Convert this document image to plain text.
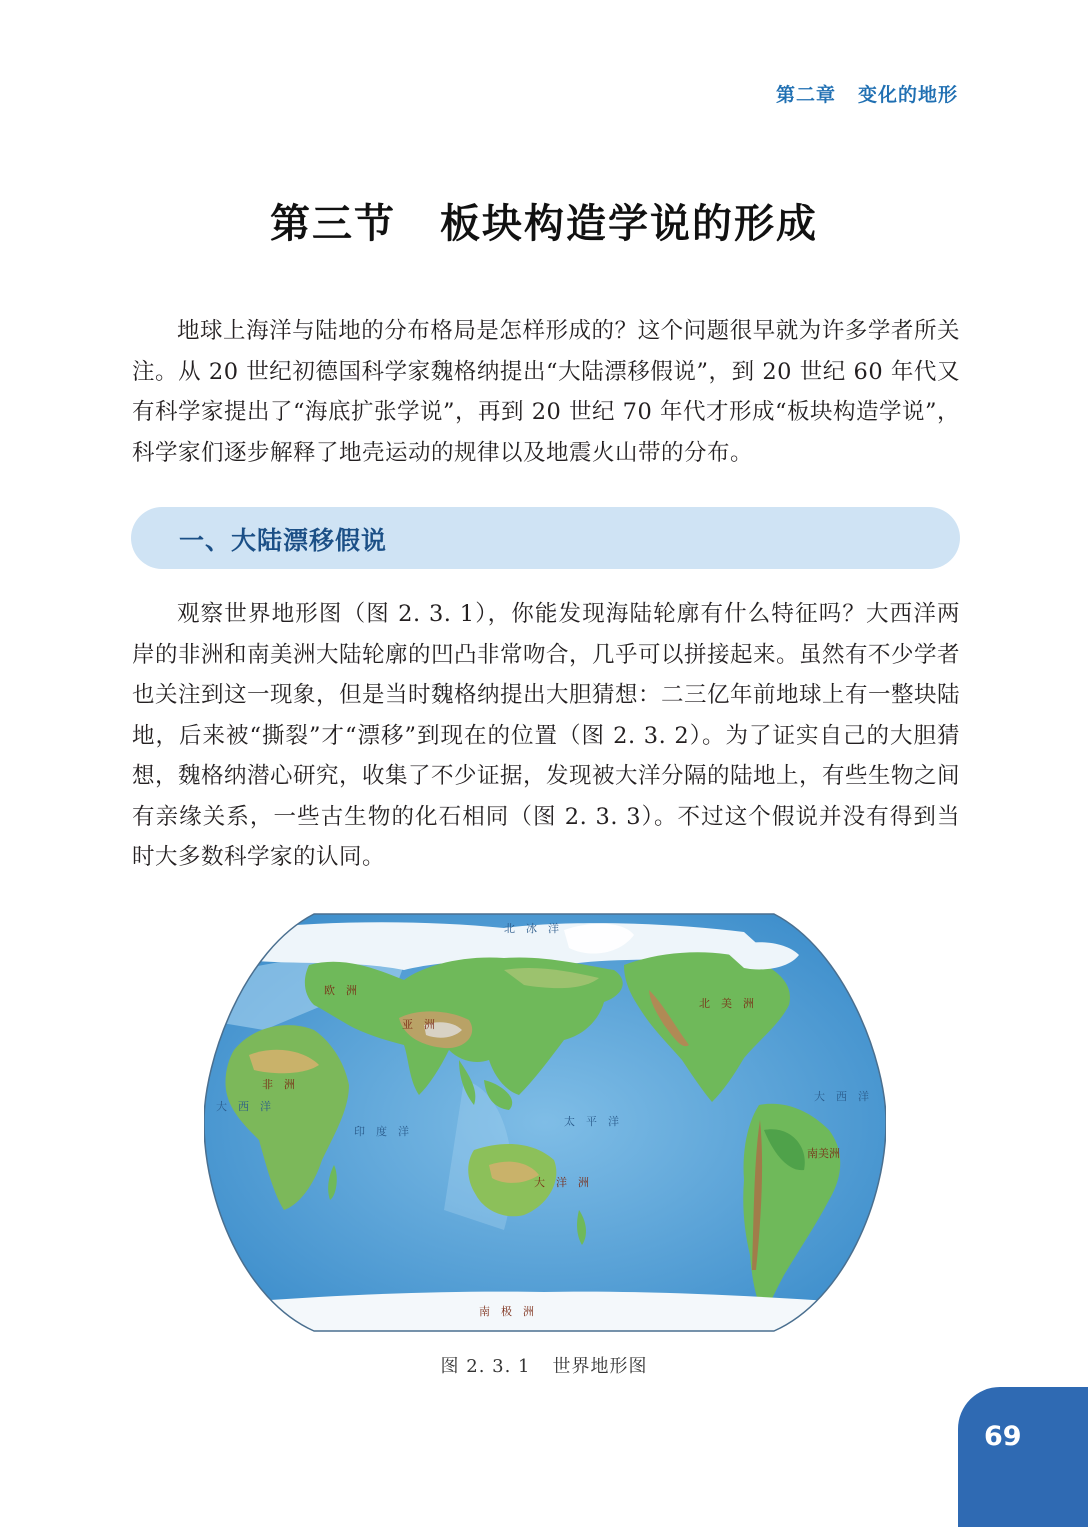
第二章 变化的地形
第三节 板块构造学说的形成

地球上海洋与陆地的分布格局是怎样形成的？这个问题很早就为许多学者所关注。从 20 世纪初德国科学家魏格纳提出“大陆漂移假说”，到 20 世纪 60 年代又有科学家提出了“海底扩张学说”，再到 20 世纪 70 年代才形成“板块构造学说”，科学家们逐步解释了地壳运动的规律以及地震火山带的分布。

一、大陆漂移假说

观察世界地形图（图 2. 3. 1），你能发现海陆轮廓有什么特征吗？大西洋两岸的非洲和南美洲大陆轮廓的凹凸非常吻合，几乎可以拼接起来。虽然有不少学者也关注到这一现象，但是当时魏格纳提出大胆猜想：二三亿年前地球上有一整块陆地，后来被“撕裂”才“漂移”到现在的位置（图 2. 3. 2）。为了证实自己的大胆猜想，魏格纳潜心研究，收集了不少证据，发现被大洋分隔的陆地上，有些生物之间有亲缘关系，一些古生物的化石相同（图 2. 3. 3）。不过这个假说并没有得到当时大多数科学家的认同。

欧　洲
亚　洲
非　洲
北　美　洲
南美洲
大　洋　洲
南　极　洲
北　冰　洋
印　度　洋
太　平　洋
大　西　洋
大　西　洋
图 2. 3. 1 世界地形图
69
